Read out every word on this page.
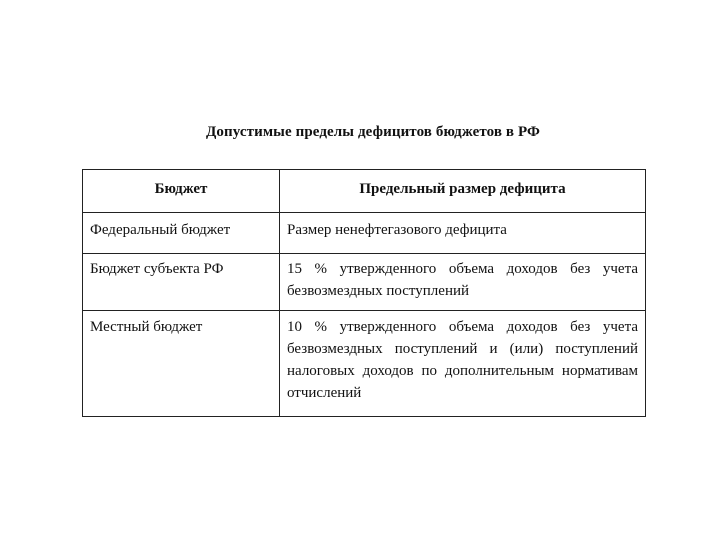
Допустимые пределы дефицитов бюджетов в РФ
Бюджет	Предельный размер дефицита
Федеральный бюджет	Размер ненефтегазового дефицита
Бюджет субъекта РФ	15 % утвержденного объема доходов без учета безвозмездных поступлений
Местный бюджет	10 % утвержденного объема доходов без учета безвозмездных поступлений и (или) поступлений налоговых доходов по дополнительным нормативам отчислений
